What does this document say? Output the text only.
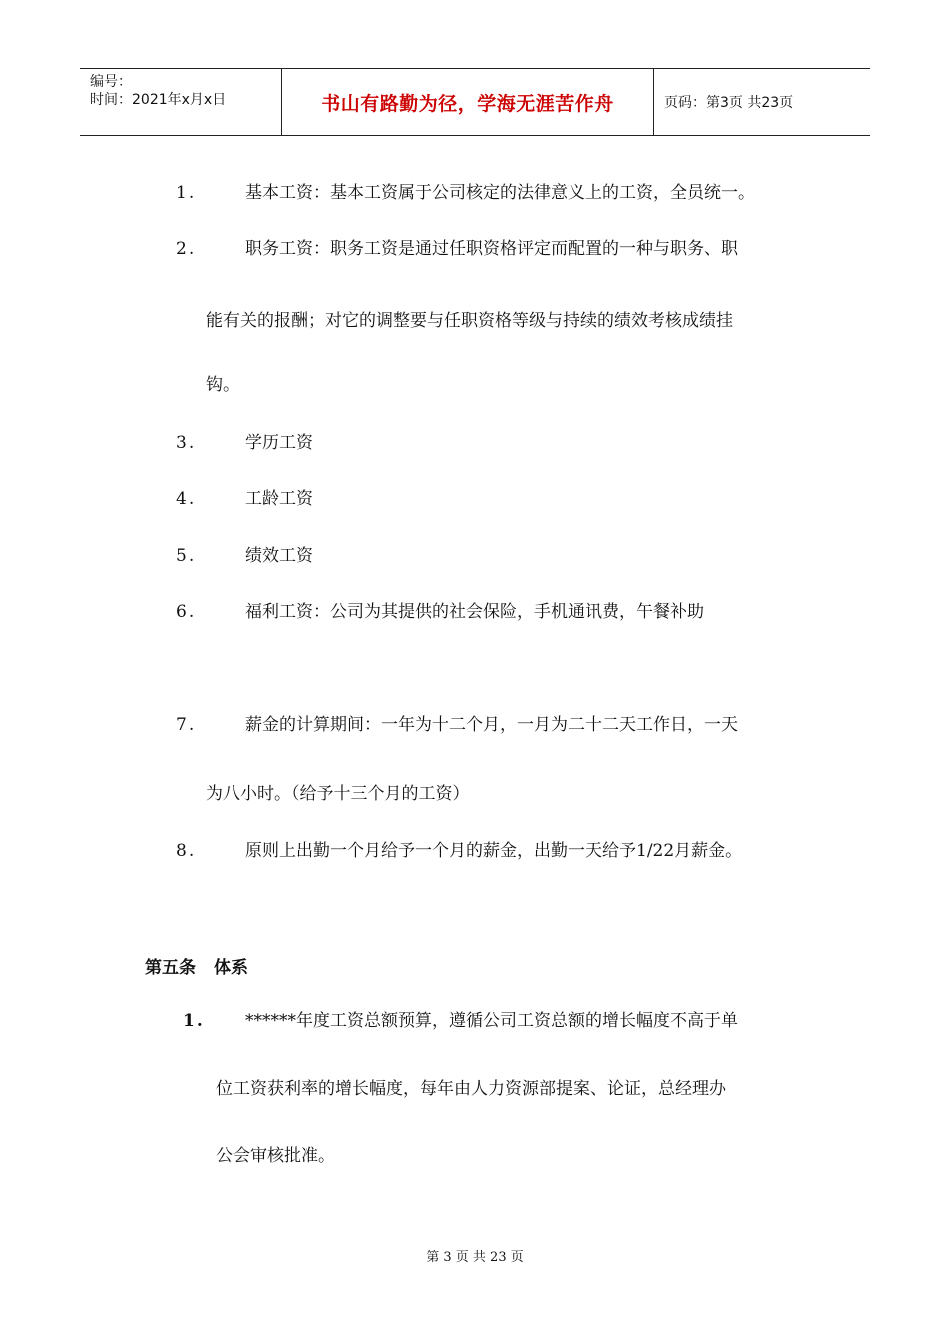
编号：
时间：2021年x月x日	书山有路勤为径，学海无涯苦作舟	页码：第3页 共23页
1.	基本工资：基本工资属于公司核定的法律意义上的工资，全员统一。
2.	职务工资：职务工资是通过任职资格评定而配置的一种与职务、职
能有关的报酬；对它的调整要与任职资格等级与持续的绩效考核成绩挂
钩。
3.	学历工资
4.	工龄工资
5.	绩效工资
6.	福利工资：公司为其提供的社会保险，手机通讯费，午餐补助
7.	薪金的计算期间：一年为十二个月，一月为二十二天工作日，一天
为八小时。（给予十三个月的工资）
8.	原则上出勤一个月给予一个月的薪金，出勤一天给予1/22月薪金。
第五条 体系
1. ******年度工资总额预算，遵循公司工资总额的增长幅度不高于单
位工资获利率的增长幅度，每年由人力资源部提案、论证，总经理办
公会审核批准。
第 3 页 共 23 页
